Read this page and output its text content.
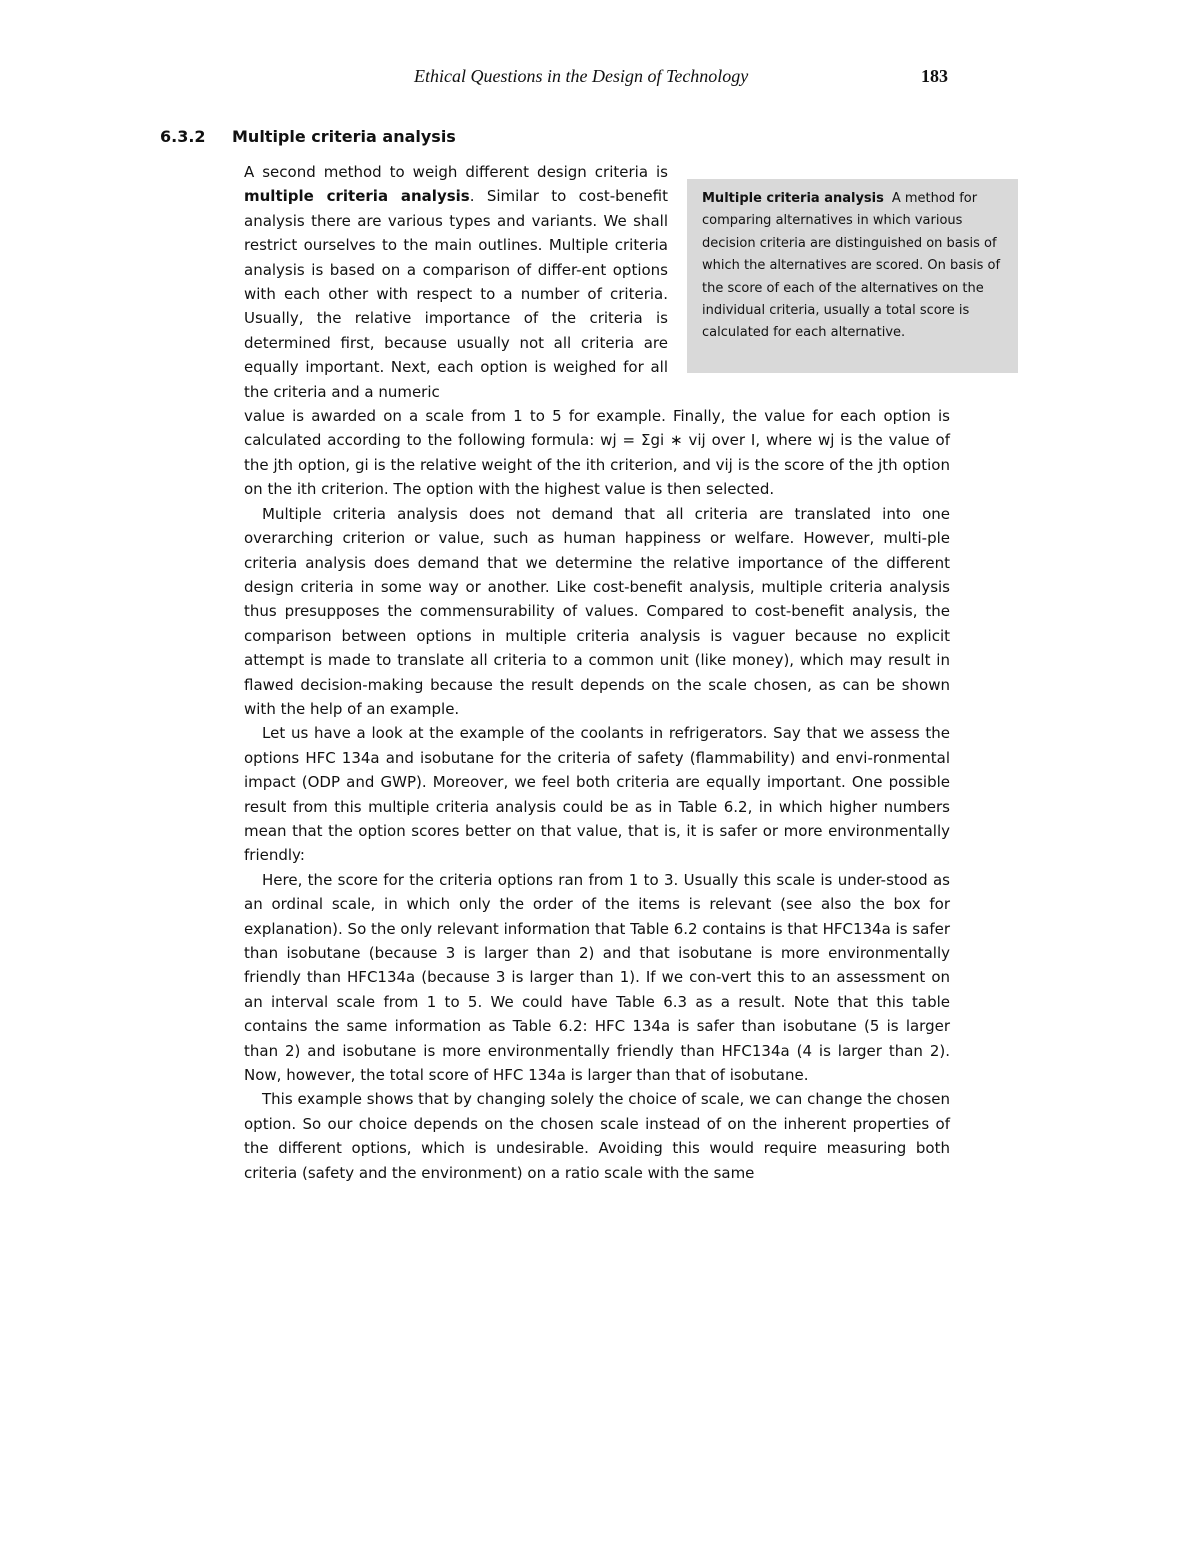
Ethical Questions in the Design of Technology	183
6.3.2 Multiple criteria analysis
Multiple criteria analysis A method for comparing alternatives in which various decision criteria are distinguished on basis of which the alternatives are scored. On basis of the score of each of the alternatives on the individual criteria, usually a total score is calculated for each alternative.

A second method to weigh different design criteria is multiple criteria analysis. Similar to cost-benefit analysis there are various types and variants. We shall restrict ourselves to the main outlines. Multiple criteria analysis is based on a comparison of differ-ent options with each other with respect to a number of criteria. Usually, the relative importance of the criteria is determined first, because usually not all criteria are equally important. Next, each option is weighed for all the criteria and a numeric

value is awarded on a scale from 1 to 5 for example. Finally, the value for each option is calculated according to the following formula: wj = Σgi ∗ vij over I, where wj is the value of the jth option, gi is the relative weight of the ith criterion, and vij is the score of the jth option on the ith criterion. The option with the highest value is then selected.

Multiple criteria analysis does not demand that all criteria are translated into one overarching criterion or value, such as human happiness or welfare. However, multi-ple criteria analysis does demand that we determine the relative importance of the different design criteria in some way or another. Like cost-benefit analysis, multiple criteria analysis thus presupposes the commensurability of values. Compared to cost-benefit analysis, the comparison between options in multiple criteria analysis is vaguer because no explicit attempt is made to translate all criteria to a common unit (like money), which may result in flawed decision-making because the result depends on the scale chosen, as can be shown with the help of an example.

Let us have a look at the example of the coolants in refrigerators. Say that we assess the options HFC 134a and isobutane for the criteria of safety (flammability) and envi-ronmental impact (ODP and GWP). Moreover, we feel both criteria are equally important. One possible result from this multiple criteria analysis could be as in Table 6.2, in which higher numbers mean that the option scores better on that value, that is, it is safer or more environmentally friendly:

Here, the score for the criteria options ran from 1 to 3. Usually this scale is under-stood as an ordinal scale, in which only the order of the items is relevant (see also the box for explanation). So the only relevant information that Table 6.2 contains is that HFC134a is safer than isobutane (because 3 is larger than 2) and that isobutane is more environmentally friendly than HFC134a (because 3 is larger than 1). If we con-vert this to an assessment on an interval scale from 1 to 5. We could have Table 6.3 as a result. Note that this table contains the same information as Table 6.2: HFC 134a is safer than isobutane (5 is larger than 2) and isobutane is more environmentally friendly than HFC134a (4 is larger than 2). Now, however, the total score of HFC 134a is larger than that of isobutane.

This example shows that by changing solely the choice of scale, we can change the chosen option. So our choice depends on the chosen scale instead of on the inherent properties of the different options, which is undesirable. Avoiding this would require measuring both criteria (safety and the environment) on a ratio scale with the same
